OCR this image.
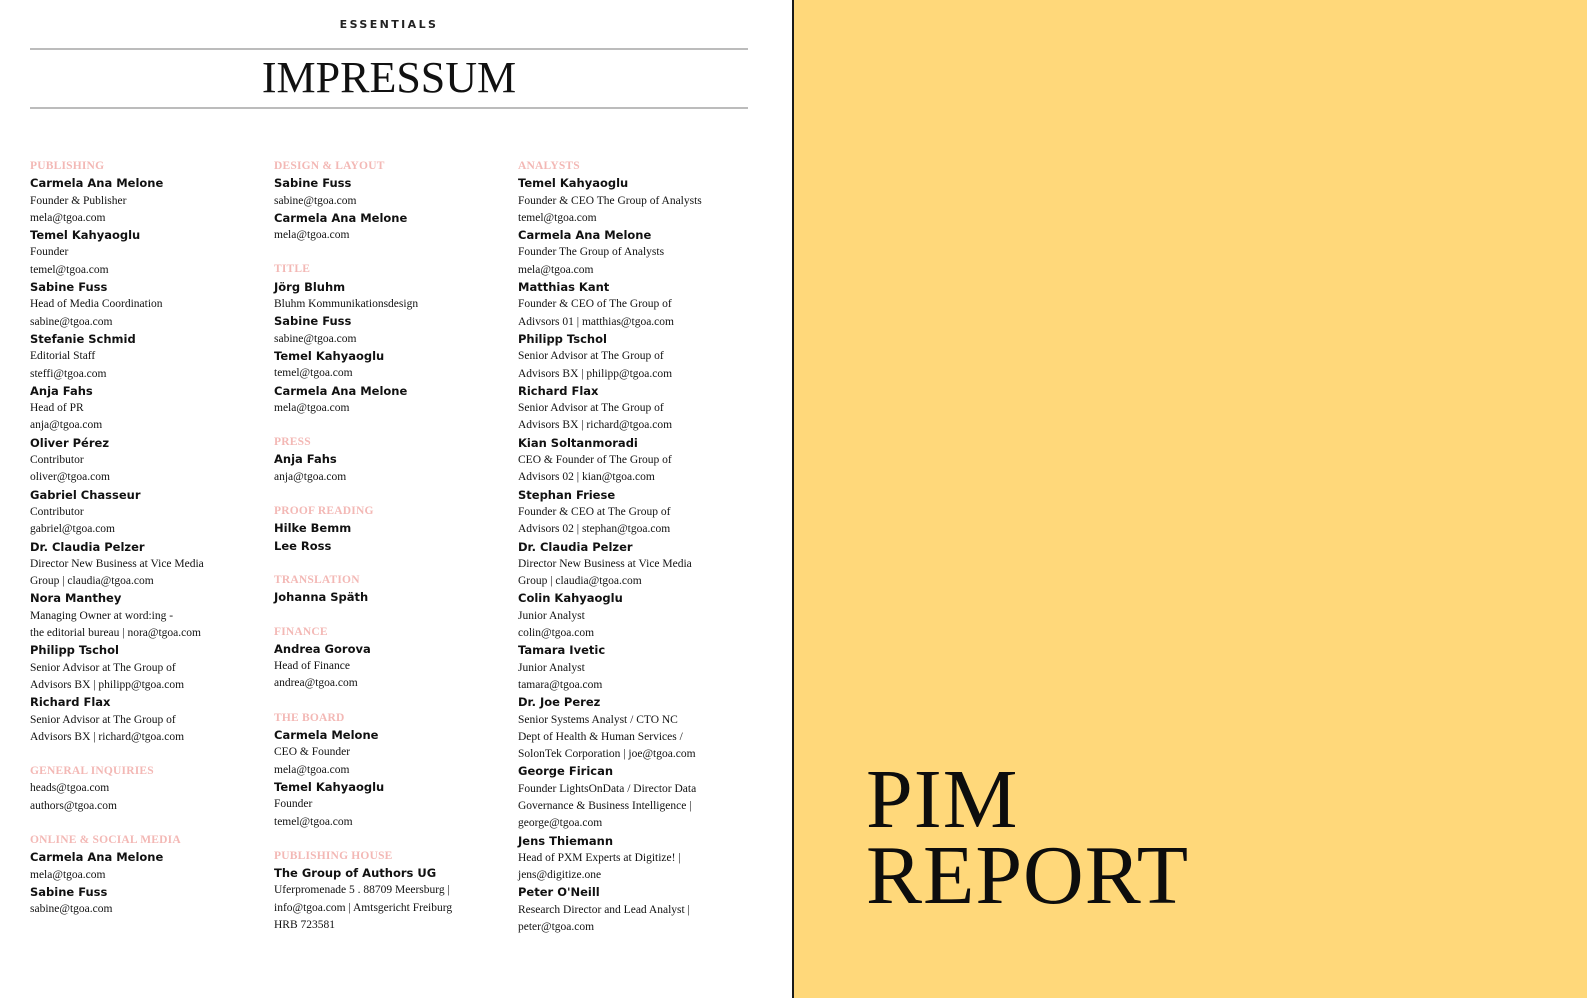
ESSENTIALS
IMPRESSUM
PUBLISHING
Carmela Ana Melone
Founder & Publisher
mela@tgoa.com
Temel Kahyaoglu
Founder
temel@tgoa.com
Sabine Fuss
Head of Media Coordination
sabine@tgoa.com
Stefanie Schmid
Editorial Staff
steffi@tgoa.com
Anja Fahs
Head of PR
anja@tgoa.com
Oliver Pérez
Contributor
oliver@tgoa.com
Gabriel Chasseur
Contributor
gabriel@tgoa.com
Dr. Claudia Pelzer
Director New Business at Vice Media
Group | claudia@tgoa.com
Nora Manthey
Managing Owner at word:ing -
the editorial bureau | nora@tgoa.com
Philipp Tschol
Senior Advisor at The Group of
Advisors BX | philipp@tgoa.com
Richard Flax
Senior Advisor at The Group of
Advisors BX | richard@tgoa.com
GENERAL INQUIRIES
heads@tgoa.com
authors@tgoa.com
ONLINE & SOCIAL MEDIA
Carmela Ana Melone
mela@tgoa.com
Sabine Fuss
sabine@tgoa.com
DESIGN & LAYOUT
Sabine Fuss
sabine@tgoa.com
Carmela Ana Melone
mela@tgoa.com
TITLE
Jörg Bluhm
Bluhm Kommunikationsdesign
Sabine Fuss
sabine@tgoa.com
Temel Kahyaoglu
temel@tgoa.com
Carmela Ana Melone
mela@tgoa.com
PRESS
Anja Fahs
anja@tgoa.com
PROOF READING
Hilke Bemm
Lee Ross
TRANSLATION
Johanna Späth
FINANCE
Andrea Gorova
Head of Finance
andrea@tgoa.com
THE BOARD
Carmela Melone
CEO & Founder
mela@tgoa.com
Temel Kahyaoglu
Founder
temel@tgoa.com
PUBLISHING HOUSE
The Group of Authors UG
Uferpromenade 5 . 88709 Meersburg |
info@tgoa.com | Amtsgericht Freiburg
HRB 723581
ANALYSTS
Temel Kahyaoglu
Founder & CEO The Group of Analysts
temel@tgoa.com
Carmela Ana Melone
Founder The Group of Analysts
mela@tgoa.com
Matthias Kant
Founder & CEO of The Group of
Adivsors 01 | matthias@tgoa.com
Philipp Tschol
Senior Advisor at The Group of
Advisors BX | philipp@tgoa.com
Richard Flax
Senior Advisor at The Group of
Advisors BX | richard@tgoa.com
Kian Soltanmoradi
CEO & Founder of The Group of
Advisors 02 | kian@tgoa.com
Stephan Friese
Founder & CEO at The Group of
Advisors 02 | stephan@tgoa.com
Dr. Claudia Pelzer
Director New Business at Vice Media
Group | claudia@tgoa.com
Colin Kahyaoglu
Junior Analyst
colin@tgoa.com
Tamara Ivetic
Junior Analyst
tamara@tgoa.com
Dr. Joe Perez
Senior Systems Analyst / CTO NC
Dept of Health & Human Services /
SolonTek Corporation | joe@tgoa.com
George Firican
Founder LightsOnData / Director Data
Governance & Business Intelligence |
george@tgoa.com
Jens Thiemann
Head of PXM Experts at Digitize! |
jens@digitize.one
Peter O'Neill
Research Director and Lead Analyst |
peter@tgoa.com
PIM
REPORT
